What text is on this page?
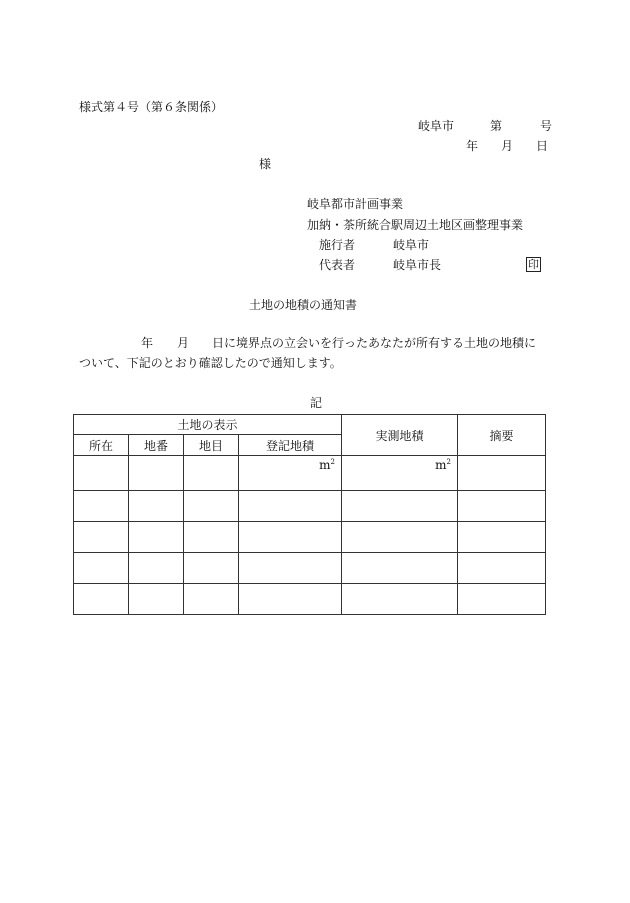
様式第４号（第６条関係）
岐阜市	第	号
年 月 日
様
岐阜都市計画事業
加納・茶所統合駅周辺土地区画整理事業
施行者	岐阜市
代表者	岐阜市長	印
土地の地積の通知書
年 月 日に境界点の立会いを行ったあなたが所有する土地の地積に
ついて、下記のとおり確認したので通知します。
記
土地の表示				実測地積	摘要
所在	地番	地目	登記地積		
			$m^2$	$m^2$	
